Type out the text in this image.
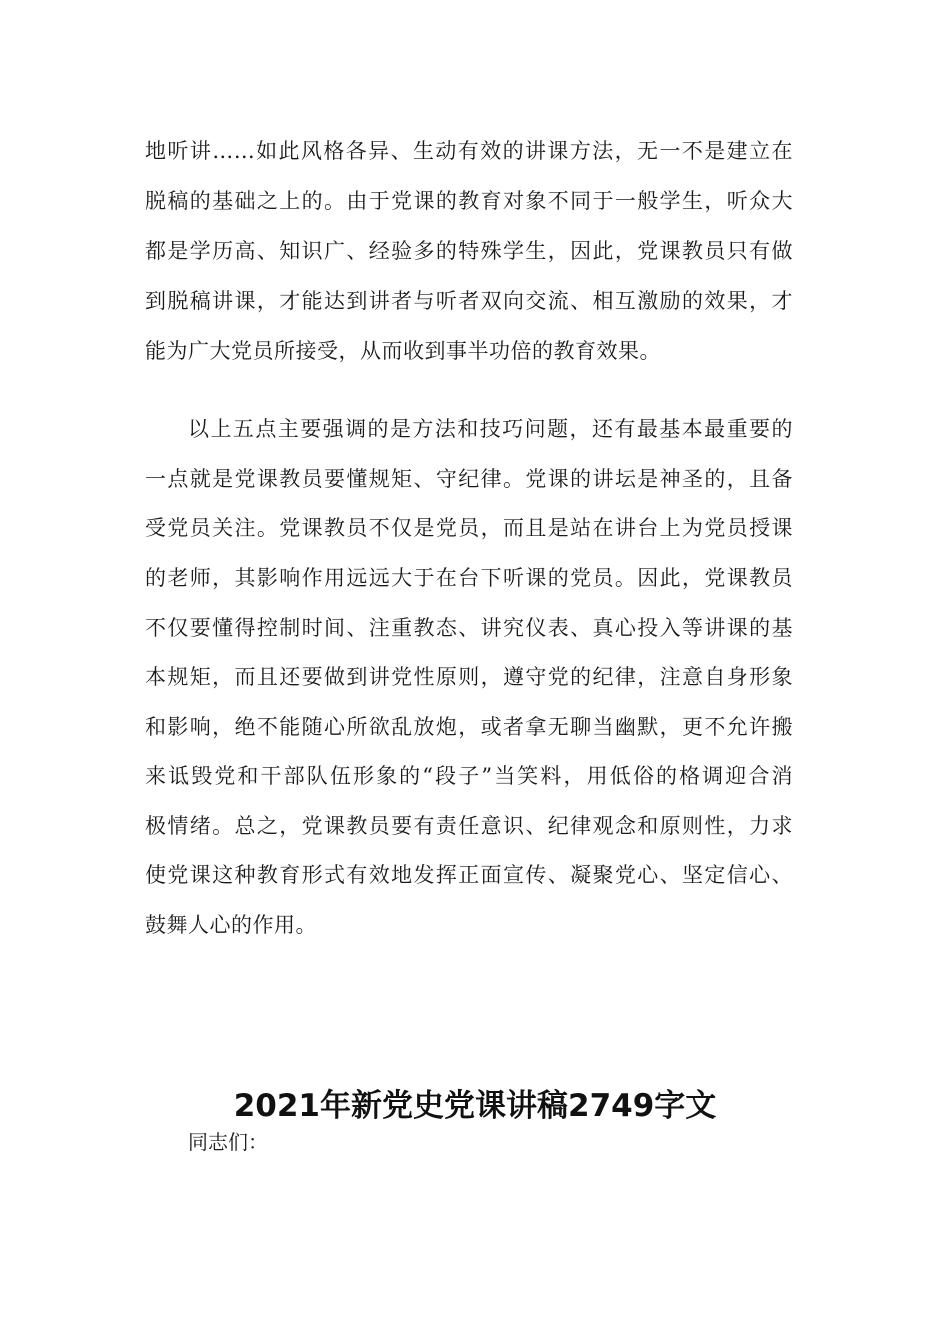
地听讲……如此风格各异、生动有效的讲课方法，无一不是建立在
脱稿的基础之上的。由于党课的教育对象不同于一般学生，听众大
都是学历高、知识广、经验多的特殊学生，因此，党课教员只有做
到脱稿讲课，才能达到讲者与听者双向交流、相互激励的效果，才
能为广大党员所接受，从而收到事半功倍的教育效果。
以上五点主要强调的是方法和技巧问题，还有最基本最重要的
一点就是党课教员要懂规矩、守纪律。党课的讲坛是神圣的，且备
受党员关注。党课教员不仅是党员，而且是站在讲台上为党员授课
的老师，其影响作用远远大于在台下听课的党员。因此，党课教员
不仅要懂得控制时间、注重教态、讲究仪表、真心投入等讲课的基
本规矩，而且还要做到讲党性原则，遵守党的纪律，注意自身形象
和影响，绝不能随心所欲乱放炮，或者拿无聊当幽默，更不允许搬
来诋毁党和干部队伍形象的“段子”当笑料，用低俗的格调迎合消
极情绪。总之，党课教员要有责任意识、纪律观念和原则性，力求
使党课这种教育形式有效地发挥正面宣传、凝聚党心、坚定信心、
鼓舞人心的作用。
2021年新党史党课讲稿2749字文
同志们：
